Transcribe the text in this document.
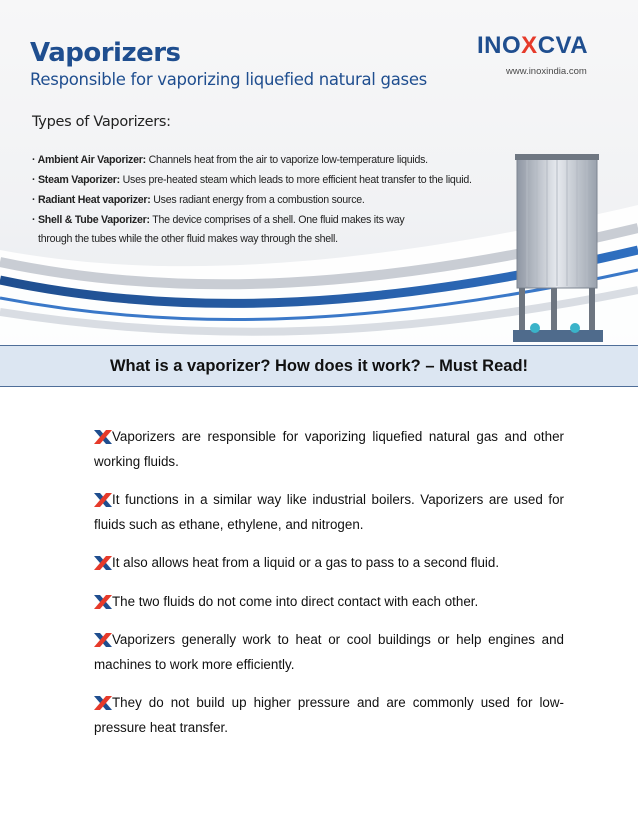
Vaporizers
Responsible for vaporizing liquefied natural gases
INOXCVA
www.inoxindia.com
Types of Vaporizers:
· Ambient Air Vaporizer: Channels heat from the air to vaporize low-temperature liquids.
· Steam Vaporizer: Uses pre-heated steam which leads to more efficient heat transfer to the liquid.
· Radiant Heat vaporizer: Uses radiant energy from a combustion source.
· Shell & Tube Vaporizer: The device comprises of a shell. One fluid makes its way
through the tubes while the other fluid makes way through the shell.
What is a vaporizer? How does it work? – Must Read!
Vaporizers are responsible for vaporizing liquefied natural gas and other working fluids.
It functions in a similar way like industrial boilers. Vaporizers are used for fluids such as ethane, ethylene, and nitrogen.
It also allows heat from a liquid or a gas to pass to a second fluid.
The two fluids do not come into direct contact with each other.
Vaporizers generally work to heat or cool buildings or help engines and machines to work more efficiently.
They do not build up higher pressure and are commonly used for low-pressure heat transfer.
